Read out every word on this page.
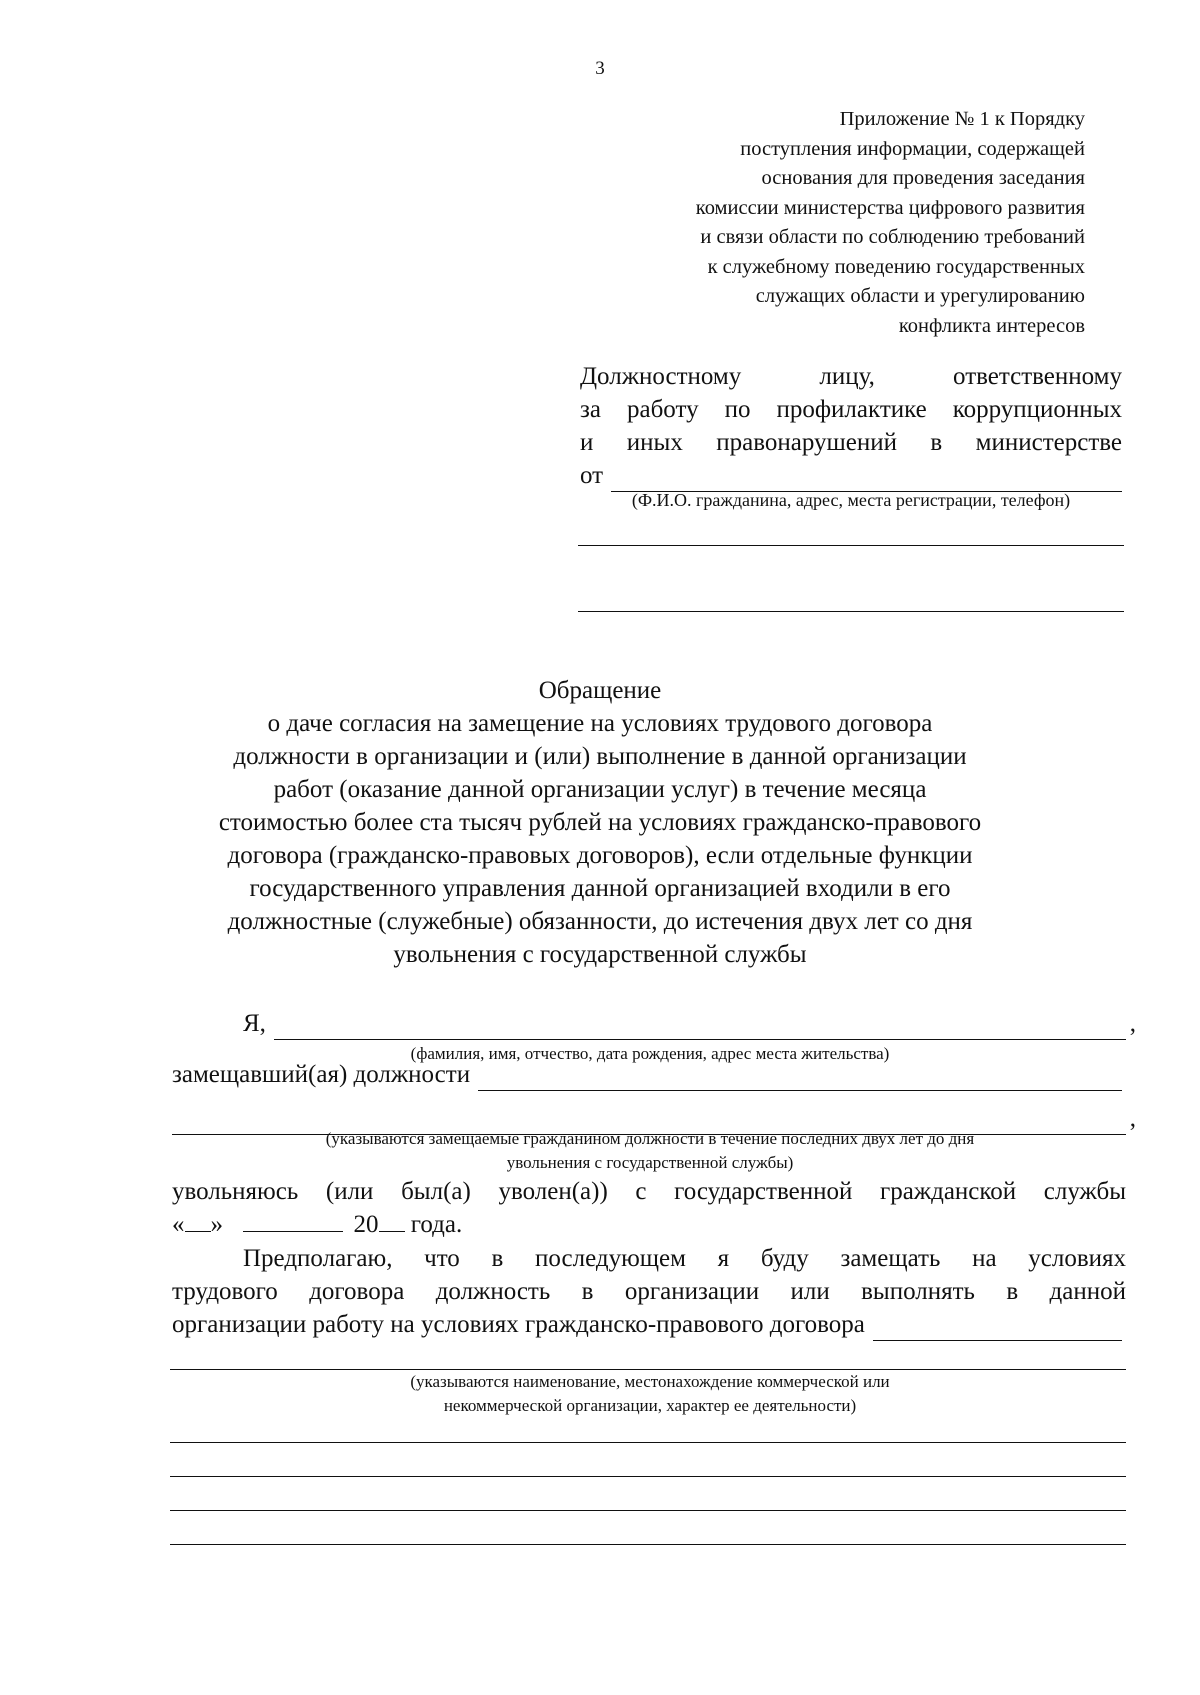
3
Приложение № 1 к Порядку
поступления информации, содержащей
основания для проведения заседания
комиссии министерства цифрового развития
и связи области по соблюдению требований
к служебному поведению государственных
служащих области и урегулированию
конфликта интересов
Должностному лицу, ответственному
за работу по профилактике коррупционных
и иных правонарушений в министерстве
от
(Ф.И.О. гражданина, адрес, места регистрации, телефон)
Обращение
о даче согласия на замещение на условиях трудового договора
должности в организации и (или) выполнение в данной организации
работ (оказание данной организации услуг) в течение месяца
стоимостью более ста тысяч рублей на условиях гражданско-правового
договора (гражданско-правовых договоров), если отдельные функции
государственного управления данной организацией входили в его
должностные (служебные) обязанности, до истечения двух лет со дня
увольнения с государственной службы
Я,	,
(фамилия, имя, отчество, дата рождения, адрес места жительства)
замещавший(ая) должности
,
(указываются замещаемые гражданином должности в течение последних двух лет до дня
увольнения с государственной службы)
увольняюсь (или был(а) уволен(а)) с государственной гражданской службы
« »	20 года.
Предполагаю, что в последующем я буду замещать на условиях
трудового договора должность в организации или выполнять в данной
организации работу на условиях гражданско-правового договора
(указываются наименование, местонахождение коммерческой или
некоммерческой организации, характер ее деятельности)
